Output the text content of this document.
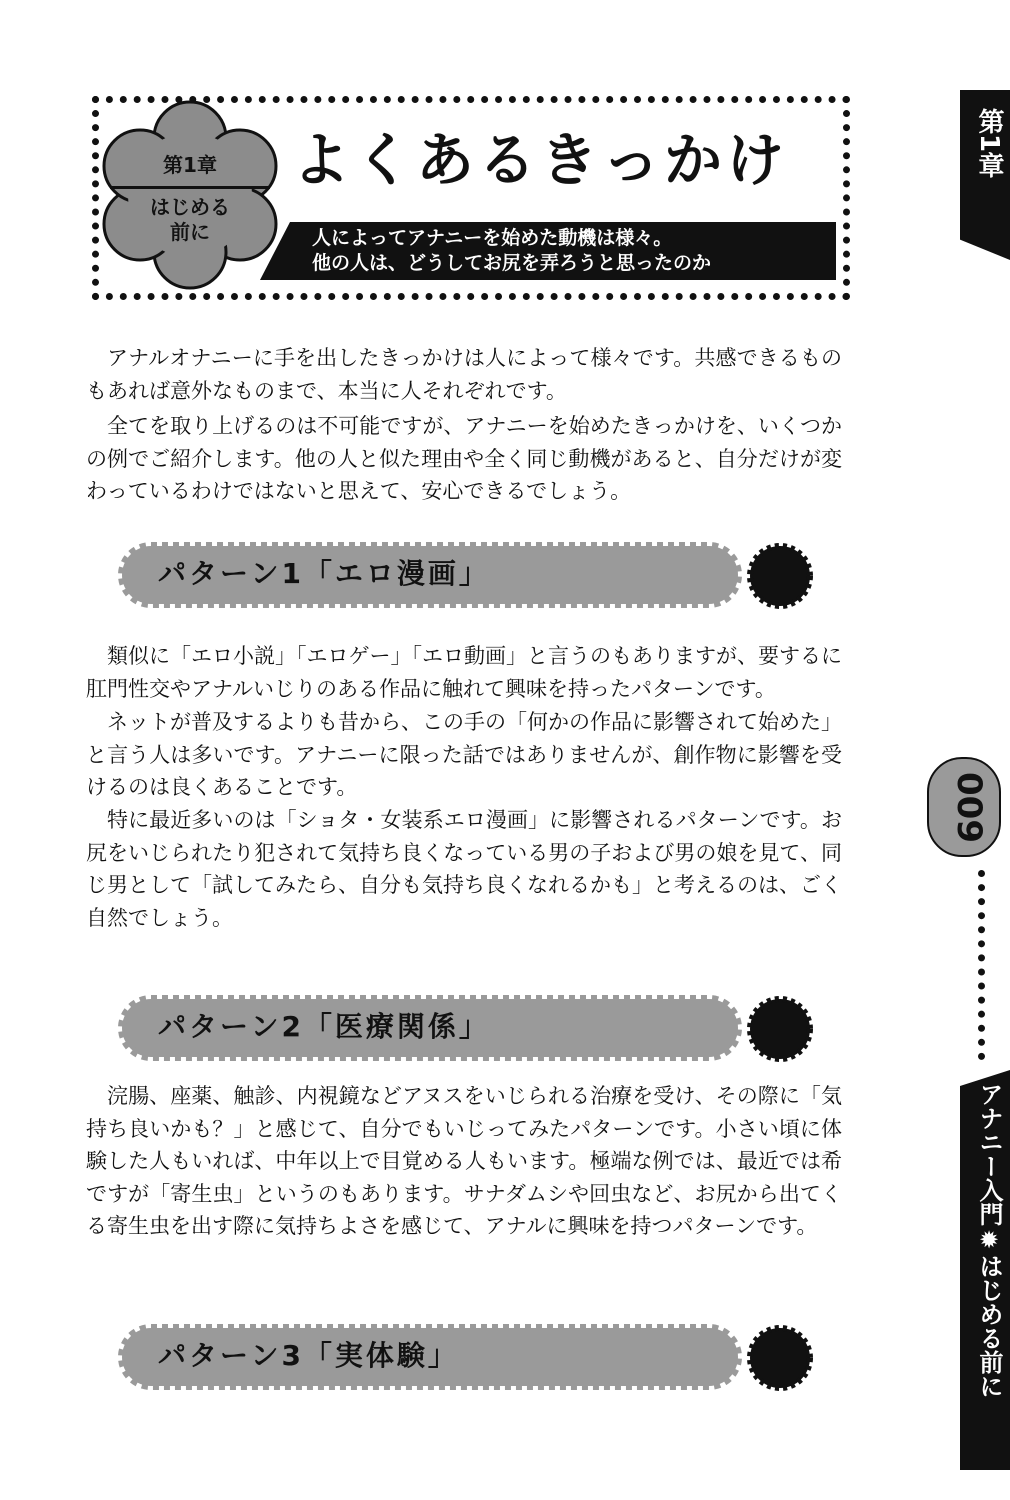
第1章
はじめる
前に
よくあるきっかけ
人によってアナニーを始めた動機は様々。
他の人は、どうしてお尻を弄ろうと思ったのか
第1章
009
アナニー入門✹はじめる前に

アナルオナニーに手を出したきっかけは人によって様々です。共感できるものもあれば意外なものまで、本当に人それぞれです。

全てを取り上げるのは不可能ですが、アナニーを始めたきっかけを、いくつかの例でご紹介します。他の人と似た理由や全く同じ動機があると、自分だけが変わっているわけではないと思えて、安心できるでしょう。

パターン1「エロ漫画」

類似に「エロ小説」「エロゲー」「エロ動画」と言うのもありますが、要するに肛門性交やアナルいじりのある作品に触れて興味を持ったパターンです。

ネットが普及するよりも昔から、この手の「何かの作品に影響されて始めた」と言う人は多いです。アナニーに限った話ではありませんが、創作物に影響を受けるのは良くあることです。

特に最近多いのは「ショタ・女装系エロ漫画」に影響されるパターンです。お尻をいじられたり犯されて気持ち良くなっている男の子および男の娘を見て、同じ男として「試してみたら、自分も気持ち良くなれるかも」と考えるのは、ごく自然でしょう。

パターン2「医療関係」

浣腸、座薬、触診、内視鏡などアヌスをいじられる治療を受け、その際に「気持ち良いかも？」と感じて、自分でもいじってみたパターンです。小さい頃に体験した人もいれば、中年以上で目覚める人もいます。極端な例では、最近では希ですが「寄生虫」というのもあります。サナダムシや回虫など、お尻から出てくる寄生虫を出す際に気持ちよさを感じて、アナルに興味を持つパターンです。

パターン3「実体験」
